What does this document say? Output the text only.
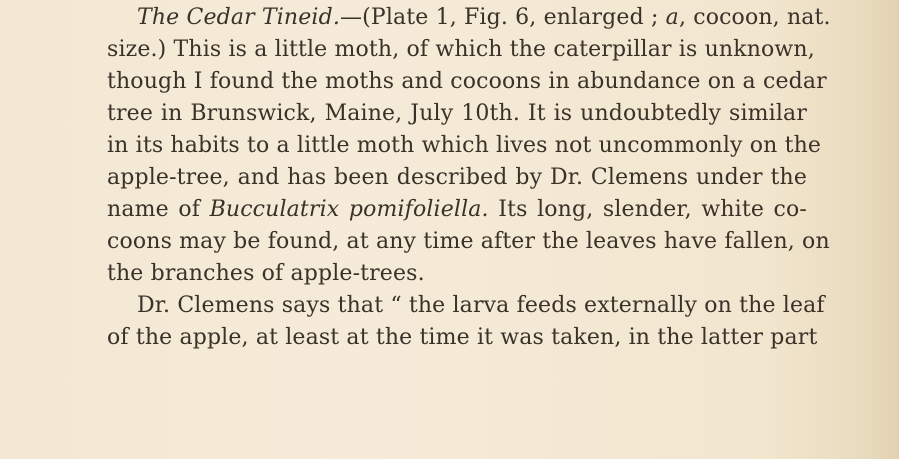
The Cedar Tineid.—(Plate 1, Fig. 6, enlarged ; a, cocoon, nat.
size.) This is a little moth, of which the caterpillar is unknown,
though I found the moths and cocoons in abundance on a cedar
tree in Brunswick, Maine, July 10th. It is undoubtedly similar
in its habits to a little moth which lives not uncommonly on the
apple-tree, and has been described by Dr. Clemens under the
name of Bucculatrix pomifoliella. Its long, slender, white co-
coons may be found, at any time after the leaves have fallen, on
the branches of apple-trees.
Dr. Clemens says that “ the larva feeds externally on the leaf
of the apple, at least at the time it was taken, in the latter part
